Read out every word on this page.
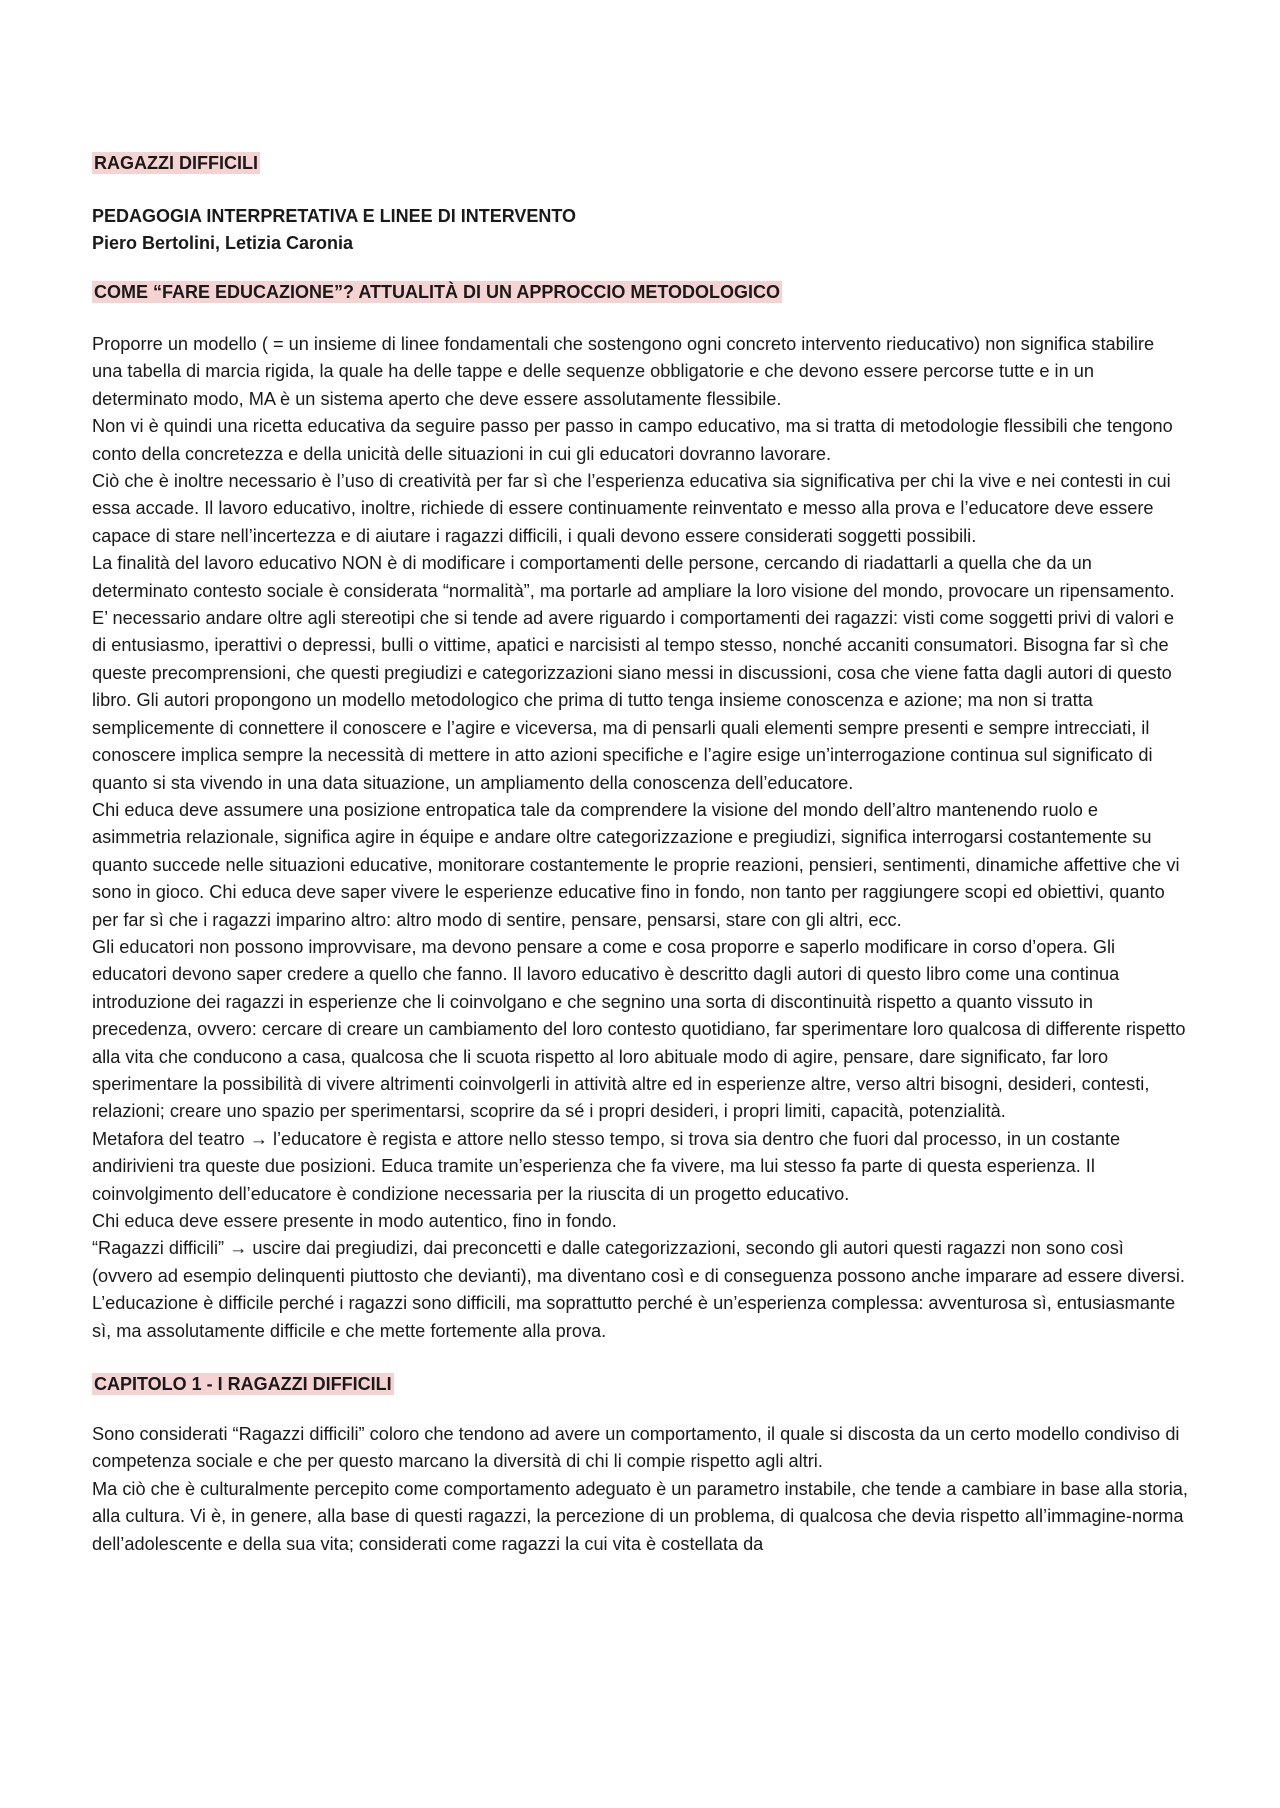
RAGAZZI DIFFICILI

PEDAGOGIA INTERPRETATIVA E LINEE DI INTERVENTO

Piero Bertolini, Letizia Caronia

COME “FARE EDUCAZIONE”? ATTUALITÀ DI UN APPROCCIO METODOLOGICO

Proporre un modello ( = un insieme di linee fondamentali che sostengono ogni concreto intervento rieducativo) non significa stabilire una tabella di marcia rigida, la quale ha delle tappe e delle sequenze obbligatorie e che devono essere percorse tutte e in un determinato modo, MA è un sistema aperto che deve essere assolutamente flessibile.

Non vi è quindi una ricetta educativa da seguire passo per passo in campo educativo, ma si tratta di metodologie flessibili che tengono conto della concretezza e della unicità delle situazioni in cui gli educatori dovranno lavorare.

Ciò che è inoltre necessario è l’uso di creatività per far sì che l’esperienza educativa sia significativa per chi la vive e nei contesti in cui essa accade. Il lavoro educativo, inoltre, richiede di essere continuamente reinventato e messo alla prova e l’educatore deve essere capace di stare nell’incertezza e di aiutare i ragazzi difficili, i quali devono essere considerati soggetti possibili.

La finalità del lavoro educativo NON è di modificare i comportamenti delle persone, cercando di riadattarli a quella che da un determinato contesto sociale è considerata “normalità”, ma portarle ad ampliare la loro visione del mondo, provocare un ripensamento. E’ necessario andare oltre agli stereotipi che si tende ad avere riguardo i comportamenti dei ragazzi: visti come soggetti privi di valori e di entusiasmo, iperattivi o depressi, bulli o vittime, apatici e narcisisti al tempo stesso, nonché accaniti consumatori. Bisogna far sì che queste precomprensioni, che questi pregiudizi e categorizzazioni siano messi in discussioni, cosa che viene fatta dagli autori di questo libro. Gli autori propongono un modello metodologico che prima di tutto tenga insieme conoscenza e azione; ma non si tratta semplicemente di connettere il conoscere e l’agire e viceversa, ma di pensarli quali elementi sempre presenti e sempre intrecciati, il conoscere implica sempre la necessità di mettere in atto azioni specifiche e l’agire esige un’interrogazione continua sul significato di quanto si sta vivendo in una data situazione, un ampliamento della conoscenza dell’educatore.

Chi educa deve assumere una posizione entropatica tale da comprendere la visione del mondo dell’altro mantenendo ruolo e asimmetria relazionale, significa agire in équipe e andare oltre categorizzazione e pregiudizi, significa interrogarsi costantemente su quanto succede nelle situazioni educative, monitorare costantemente le proprie reazioni, pensieri, sentimenti, dinamiche affettive che vi sono in gioco. Chi educa deve saper vivere le esperienze educative fino in fondo, non tanto per raggiungere scopi ed obiettivi, quanto per far sì che i ragazzi imparino altro: altro modo di sentire, pensare, pensarsi, stare con gli altri, ecc.

Gli educatori non possono improvvisare, ma devono pensare a come e cosa proporre e saperlo modificare in corso d’opera. Gli educatori devono saper credere a quello che fanno. Il lavoro educativo è descritto dagli autori di questo libro come una continua introduzione dei ragazzi in esperienze che li coinvolgano e che segnino una sorta di discontinuità rispetto a quanto vissuto in precedenza, ovvero: cercare di creare un cambiamento del loro contesto quotidiano, far sperimentare loro qualcosa di differente rispetto alla vita che conducono a casa, qualcosa che li scuota rispetto al loro abituale modo di agire, pensare, dare significato, far loro sperimentare la possibilità di vivere altrimenti coinvolgerli in attività altre ed in esperienze altre, verso altri bisogni, desideri, contesti, relazioni; creare uno spazio per sperimentarsi, scoprire da sé i propri desideri, i propri limiti, capacità, potenzialità.

Metafora del teatro → l’educatore è regista e attore nello stesso tempo, si trova sia dentro che fuori dal processo, in un costante andirivieni tra queste due posizioni. Educa tramite un’esperienza che fa vivere, ma lui stesso fa parte di questa esperienza. Il coinvolgimento dell’educatore è condizione necessaria per la riuscita di un progetto educativo.

Chi educa deve essere presente in modo autentico, fino in fondo.

“Ragazzi difficili” → uscire dai pregiudizi, dai preconcetti e dalle categorizzazioni, secondo gli autori questi ragazzi non sono così (ovvero ad esempio delinquenti piuttosto che devianti), ma diventano così e di conseguenza possono anche imparare ad essere diversi. L’educazione è difficile perché i ragazzi sono difficili, ma soprattutto perché è un’esperienza complessa: avventurosa sì, entusiasmante sì, ma assolutamente difficile e che mette fortemente alla prova.

CAPITOLO 1 - I RAGAZZI DIFFICILI

Sono considerati “Ragazzi difficili” coloro che tendono ad avere un comportamento, il quale si discosta da un certo modello condiviso di competenza sociale e che per questo marcano la diversità di chi li compie rispetto agli altri.

Ma ciò che è culturalmente percepito come comportamento adeguato è un parametro instabile, che tende a cambiare in base alla storia, alla cultura. Vi è, in genere, alla base di questi ragazzi, la percezione di un problema, di qualcosa che devia rispetto all’immagine-norma dell’adolescente e della sua vita; considerati come ragazzi la cui vita è costellata da
